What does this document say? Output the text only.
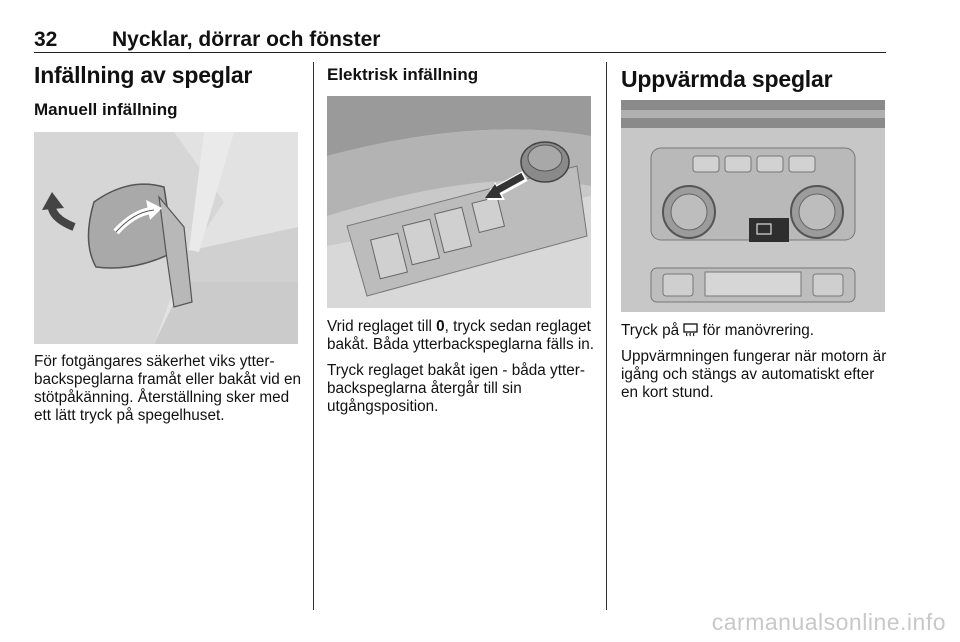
32	Nycklar, dörrar och fönster
Infällning av speglar
Manuell infällning

För fotgängares säkerhet viks ytterbackspeglarna framåt eller bakåt vid en stötpåkänning. Återställning sker med ett lätt tryck på spegelhuset.

Elektrisk infällning

Vrid reglaget till 0, tryck sedan reglaget bakåt. Båda ytterbackspeglarna fälls in.

Tryck reglaget bakåt igen - båda ytterbackspeglarna återgår till sin utgångsposition.

Uppvärmda speglar

Tryck på  för manövrering.

Uppvärmningen fungerar när motorn är igång och stängs av automatiskt efter en kort stund.

carmanualsonline.info
